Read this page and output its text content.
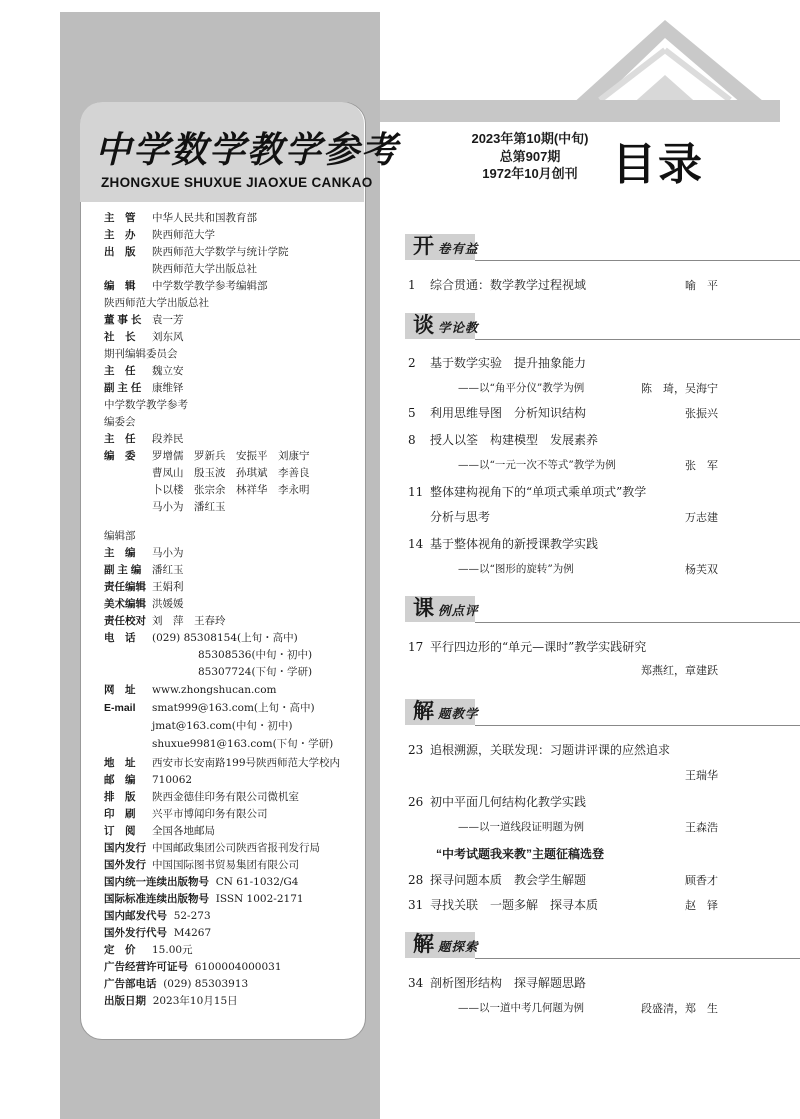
中学数学教学参考
ZHONGXUE SHUXUE JIAOXUE CANKAO
2023年第10期(中旬)
总第907期
1972年10月创刊 目录
主　管 中华人民共和国教育部
主　办 陕西师范大学
出　版 陕西师范大学数学与统计学院
陕西师范大学出版总社
编　辑 中学数学教学参考编辑部
陕西师范大学出版总社
董 事 长 袁一芳
社　长 刘东风
期刊编辑委员会
主　任 魏立安
副 主 任 康维铎
中学数学教学参考
编委会
主　任 段养民
编　委 罗增儒　罗新兵　安振平　刘康宁
曹凤山　殷玉波　孙琪斌　李善良
卜以楼　张宗余　林祥华　李永明
马小为　潘红玉
编辑部
主　编 马小为
副 主 编 潘红玉
责任编辑 王娟利
美术编辑 洪媛媛
责任校对 刘　萍　王春玲
电　话 (029) 85308154(上旬・高中)
85308536(中旬・初中)
85307724(下旬・学研)
网　址 www.zhongshucan.com
E-mail smat999@163.com(上旬・高中)
jmat@163.com(中旬・初中)
shuxue9981@163.com(下旬・学研)
地　址 西安市长安南路199号陕西师范大学校内
邮　编 710062
排　版 陕西金德佳印务有限公司微机室
印　刷 兴平市博闻印务有限公司
订　阅 全国各地邮局
国内发行 中国邮政集团公司陕西省报刊发行局
国外发行 中国国际图书贸易集团有限公司
国内统一连续出版物号 CN 61-1032/G4
国际标准连续出版物号 ISSN 1002-2171
国内邮发代号 52-273
国外发行代号 M4267
定　价 15.00元
广告经营许可证号 6100004000031
广告部电话 (029) 85303913
出版日期 2023年10月15日
开 卷有益
1 综合贯通：数学教学过程视域	喻　平
谈 学论教
2 基于数学实验　提升抽象能力
——以“角平分仪”教学为例	陈　琦，吴海宁
5 利用思维导图　分析知识结构	张振兴
8 授人以筌　构建模型　发展素养
——以“一元一次不等式”教学为例	张　军
11 整体建构视角下的“单项式乘单项式”教学
分析与思考	万志建
14 基于整体视角的新授课教学实践
——以“图形的旋转”为例	杨芙双
课 例点评
17 平行四边形的“单元—课时”教学实践研究
郑燕红，章建跃
解 题教学
23 追根溯源，关联发现：习题讲评课的应然追求
王瑞华
26 初中平面几何结构化教学实践
——以一道线段证明题为例	王森浩
“中考试题我来教”主题征稿选登
28 探寻问题本质　教会学生解题	顾香才
31 寻找关联　一题多解　探寻本质	赵　铎
解 题探索
34 剖析图形结构　探寻解题思路
——以一道中考几何题为例	段盛清，郑　生
